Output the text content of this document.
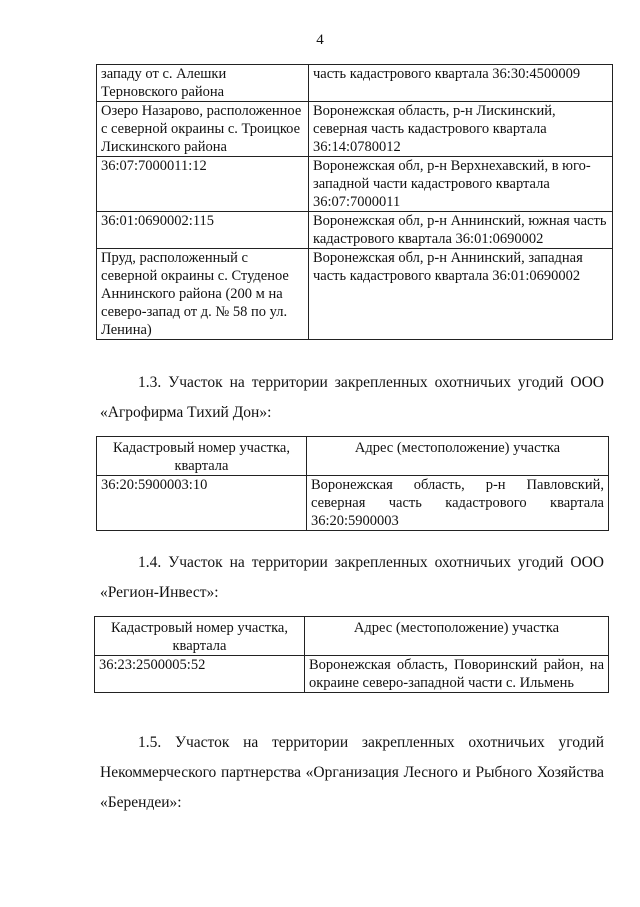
4
западу от с. Алешки Терновского района	часть кадастрового квартала 36:30:4500009
Озеро Назарово, расположенное с северной окраины с. Троицкое Лискинского района	Воронежская область, р-н Лискинский, северная часть кадастрового квартала 36:14:0780012
36:07:7000011:12	Воронежская обл, р-н Верхнехавский, в юго-западной части кадастрового квартала 36:07:7000011
36:01:0690002:115	Воронежская обл, р-н Аннинский, южная часть кадастрового квартала 36:01:0690002
Пруд, расположенный с северной окраины с. Студеное Аннинского района (200 м на северо-запад от д. № 58 по ул. Ленина)	Воронежская обл, р-н Аннинский, западная часть кадастрового квартала 36:01:0690002
1.3. Участок на территории закрепленных охотничьих угодий ООО «Агрофирма Тихий Дон»:
Кадастровый номер участка, квартала	Адрес (местоположение) участка
36:20:5900003:10	Воронежская область, р-н Павловский, северная часть кадастрового квартала 36:20:5900003
1.4. Участок на территории закрепленных охотничьих угодий ООО «Регион-Инвест»:
Кадастровый номер участка, квартала	Адрес (местоположение) участка
36:23:2500005:52	Воронежская область, Поворинский район, на окраине северо-западной части с. Ильмень
1.5. Участок на территории закрепленных охотничьих угодий Некоммерческого партнерства «Организация Лесного и Рыбного Хозяйства «Берендеи»:
